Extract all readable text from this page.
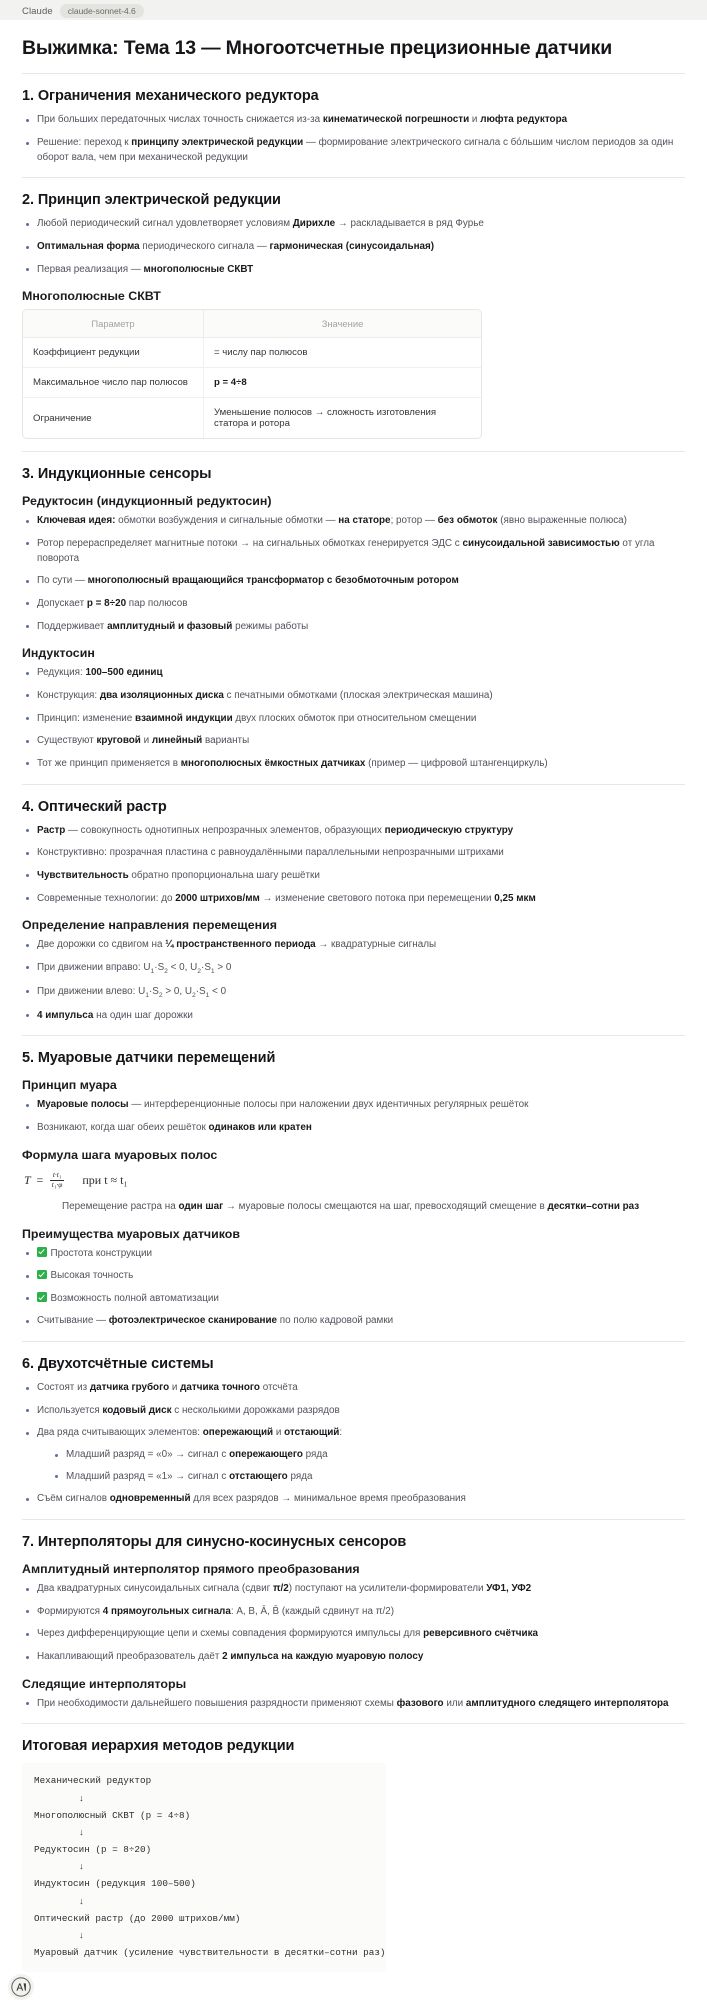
Claude	claude-sonnet-4.6
Выжимка: Тема 13 — Многоотсчетные прецизионные датчики
1. Ограничения механического редуктора
При больших передаточных числах точность снижается из-за кинематической погрешности и люфта редуктора
Решение: переход к принципу электрической редукции — формирование электрического сигнала с бóльшим числом периодов за один оборот вала, чем при механической редукции
2. Принцип электрической редукции
Любой периодический сигнал удовлетворяет условиям Дирихле → раскладывается в ряд Фурье
Оптимальная форма периодического сигнала — гармоническая (синусоидальная)
Первая реализация — многополюсные СКВТ
Многополюсные СКВТ
Параметр	Значение
Коэффициент редукции	= числу пар полюсов
Максимальное число пар полюсов	p = 4÷8
Ограничение	Уменьшение полюсов → сложность изготовления статора и ротора
3. Индукционные сенсоры
Редуктосин (индукционный редуктосин)
Ключевая идея: обмотки возбуждения и сигнальные обмотки — на статоре; ротор — без обмоток (явно выраженные полюса)
Ротор перераспределяет магнитные потоки → на сигнальных обмотках генерируется ЭДС с синусоидальной зависимостью от угла поворота
По сути — многополюсный вращающийся трансформатор с безобмоточным ротором
Допускает p = 8÷20 пар полюсов
Поддерживает амплитудный и фазовый режимы работы
Индуктосин
Редукция: 100–500 единиц
Конструкция: два изоляционных диска с печатными обмотками (плоская электрическая машина)
Принцип: изменение взаимной индукции двух плоских обмоток при относительном смещении
Существуют круговой и линейный варианты
Тот же принцип применяется в многополюсных ёмкостных датчиках (пример — цифровой штангенциркуль)
4. Оптический растр
Растр — совокупность однотипных непрозрачных элементов, образующих периодическую структуру
Конструктивно: прозрачная пластина с равноудалёнными параллельными непрозрачными штрихами
Чувствительность обратно пропорциональна шагу решётки
Современные технологии: до 2000 штрихов/мм → изменение светового потока при перемещении 0,25 мкм
Определение направления перемещения
Две дорожки со сдвигом на ¼ пространственного периода → квадратурные сигналы
При движении вправо: $U_1\cdot S_2 < 0$, $U_2\cdot S_1 > 0$
При движении влево: $U_1\cdot S_2 > 0$, $U_2\cdot S_1 < 0$
4 импульса на один шаг дорожки
5. Муаровые датчики перемещений
Принцип муара
Муаровые полосы — интерференционные полосы при наложении двух идентичных регулярных решёток
Возникают, когда шаг обеих решёток одинаков или кратен
Формула шага муаровых полос
$T = \frac{\text{t·t₁}}{\text{t₁·φ}}$ при t ≈ t₁
Перемещение растра на один шаг → муаровые полосы смещаются на шаг, превосходящий смещение в десятки–сотни раз
Преимущества муаровых датчиков
Простота конструкции
Высокая точность
Возможность полной автоматизации
Считывание — фотоэлектрическое сканирование по полю кадровой рамки
6. Двухотсчётные системы
Состоят из датчика грубого и датчика точного отсчёта
Используется кодовый диск с несколькими дорожками разрядов
Два ряда считывающих элементов: опережающий и отстающий:
Младший разряд = «0» → сигнал с опережающего ряда
Младший разряд = «1» → сигнал с отстающего ряда
Съём сигналов одновременный для всех разрядов → минимальное время преобразования
7. Интерполяторы для синусно-косинусных сенсоров
Амплитудный интерполятор прямого преобразования
Два квадратурных синусоидальных сигнала (сдвиг π/2) поступают на усилители-формирователи УФ1, УФ2
Формируются 4 прямоугольных сигнала: A, B, Ā, B̄ (каждый сдвинут на π/2)
Через дифференцирующие цепи и схемы совпадения формируются импульсы для реверсивного счётчика
Накапливающий преобразователь даёт 2 импульса на каждую муаровую полосу
Следящие интерполяторы
При необходимости дальнейшего повышения разрядности применяют схемы фазового или амплитудного следящего интерполятора
Итоговая иерархия методов редукции
Механический редуктор
↓
Многополюсный СКВТ (p = 4÷8)
↓
Редуктосин (p = 8÷20)
↓
Индуктосин (редукция 100–500)
↓
Оптический растр (до 2000 штрихов/мм)
↓
Муаровый датчик (усиление чувствительности в десятки–сотни раз)
